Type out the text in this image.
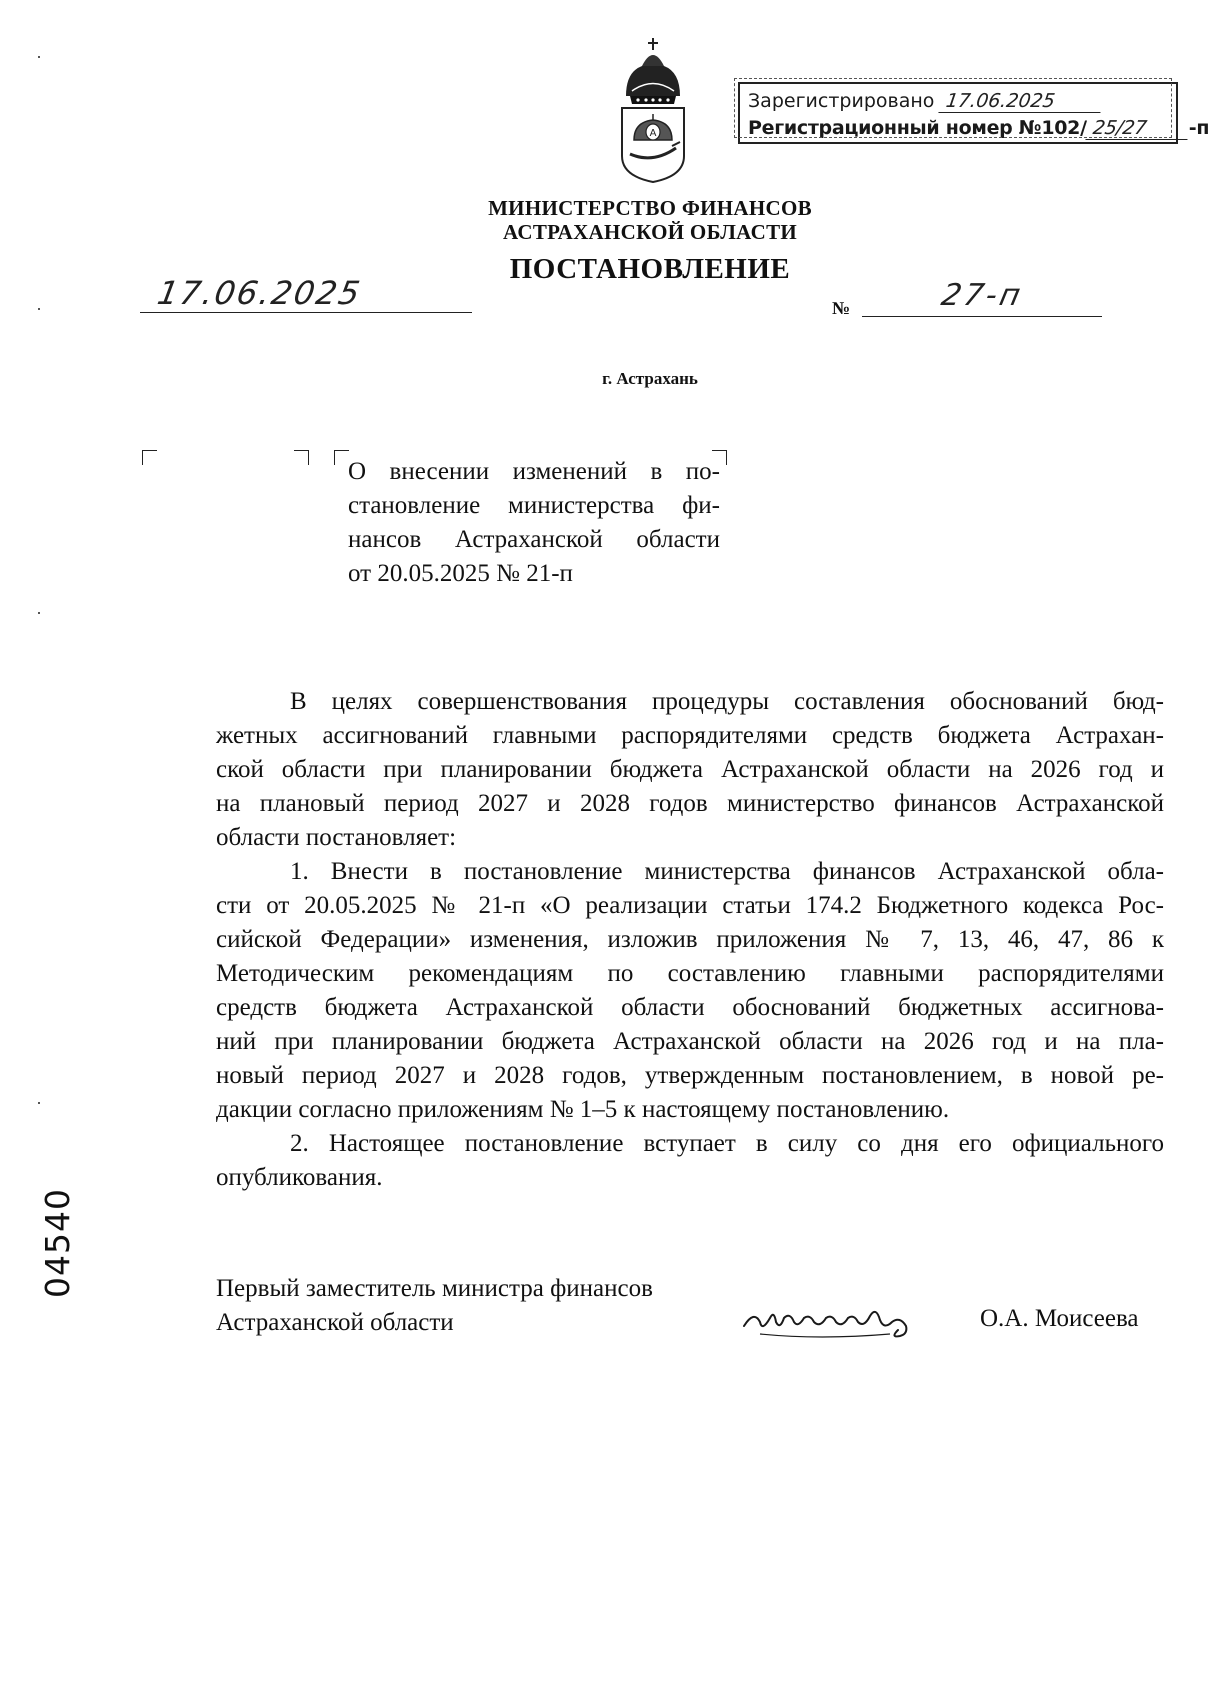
А
Зарегистрировано 17.06.2025
Регистрационный номер №102/ 25/27 -п
МИНИСТЕРСТВО ФИНАНСОВ
АСТРАХАНСКОЙ ОБЛАСТИ
ПОСТАНОВЛЕНИЕ
17.06.2025	№	27-п
г. Астрахань
О внесении изменений в по-
становление министерства фи-
нансов Астраханской области
от 20.05.2025 № 21-п
В целях совершенствования процедуры составления обоснований бюд-
жетных ассигнований главными распорядителями средств бюджета Астрахан-
ской области при планировании бюджета Астраханской области на 2026 год и
на плановый период 2027 и 2028 годов министерство финансов Астраханской
области постановляет:
1. Внести в постановление министерства финансов Астраханской обла-
сти от 20.05.2025 № 21-п «О реализации статьи 174.2 Бюджетного кодекса Рос-
сийской Федерации» изменения, изложив приложения № 7, 13, 46, 47, 86 к
Методическим рекомендациям по составлению главными распорядителями
средств бюджета Астраханской области обоснований бюджетных ассигнова-
ний при планировании бюджета Астраханской области на 2026 год и на пла-
новый период 2027 и 2028 годов, утвержденным постановлением, в новой ре-
дакции согласно приложениям № 1–5 к настоящему постановлению.
2. Настоящее постановление вступает в силу со дня его официального
опубликования.
Первый заместитель министра финансов
Астраханской области	О.А. Моисеева
04540
